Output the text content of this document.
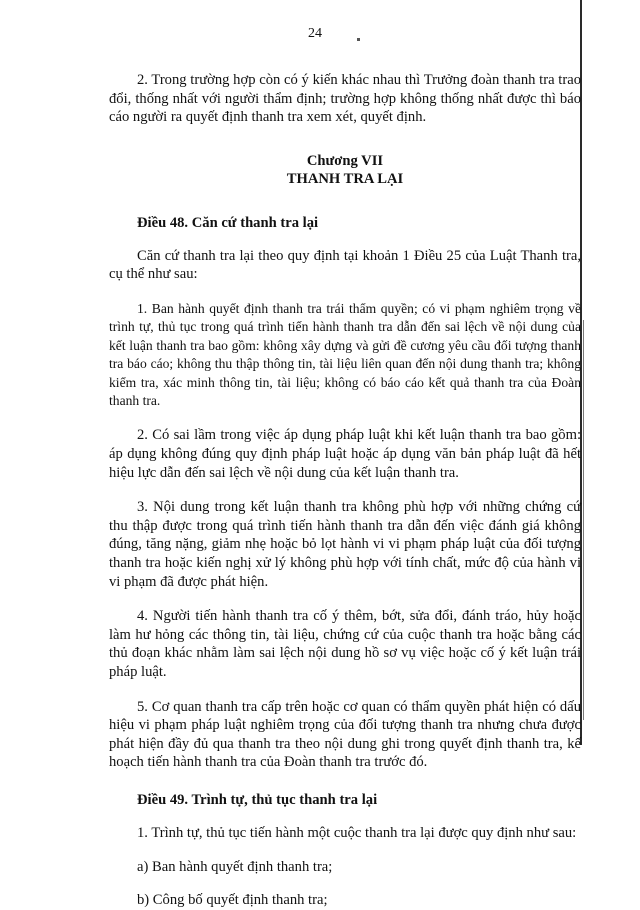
24

2. Trong trường hợp còn có ý kiến khác nhau thì Trưởng đoàn thanh tra trao đổi, thống nhất với người thẩm định; trường hợp không thống nhất được thì báo cáo người ra quyết định thanh tra xem xét, quyết định.

Chương VII
THANH TRA LẠI
Điều 48. Căn cứ thanh tra lại

Căn cứ thanh tra lại theo quy định tại khoản 1 Điều 25 của Luật Thanh tra, cụ thể như sau:

1. Ban hành quyết định thanh tra trái thẩm quyền; có vi phạm nghiêm trọng về trình tự, thủ tục trong quá trình tiến hành thanh tra dẫn đến sai lệch về nội dung của kết luận thanh tra bao gồm: không xây dựng và gửi đề cương yêu cầu đối tượng thanh tra báo cáo; không thu thập thông tin, tài liệu liên quan đến nội dung thanh tra; không kiểm tra, xác minh thông tin, tài liệu; không có báo cáo kết quả thanh tra của Đoàn thanh tra.

2. Có sai lầm trong việc áp dụng pháp luật khi kết luận thanh tra bao gồm: áp dụng không đúng quy định pháp luật hoặc áp dụng văn bản pháp luật đã hết hiệu lực dẫn đến sai lệch về nội dung của kết luận thanh tra.

3. Nội dung trong kết luận thanh tra không phù hợp với những chứng cứ thu thập được trong quá trình tiến hành thanh tra dẫn đến việc đánh giá không đúng, tăng nặng, giảm nhẹ hoặc bỏ lọt hành vi vi phạm pháp luật của đối tượng thanh tra hoặc kiến nghị xử lý không phù hợp với tính chất, mức độ của hành vi vi phạm đã được phát hiện.

4. Người tiến hành thanh tra cố ý thêm, bớt, sửa đổi, đánh tráo, hủy hoặc làm hư hỏng các thông tin, tài liệu, chứng cứ của cuộc thanh tra hoặc bằng các thủ đoạn khác nhằm làm sai lệch nội dung hồ sơ vụ việc hoặc cố ý kết luận trái pháp luật.

5. Cơ quan thanh tra cấp trên hoặc cơ quan có thẩm quyền phát hiện có dấu hiệu vi phạm pháp luật nghiêm trọng của đối tượng thanh tra nhưng chưa được phát hiện đầy đủ qua thanh tra theo nội dung ghi trong quyết định thanh tra, kế hoạch tiến hành thanh tra của Đoàn thanh tra trước đó.

Điều 49. Trình tự, thủ tục thanh tra lại

1. Trình tự, thủ tục tiến hành một cuộc thanh tra lại được quy định như sau:

a) Ban hành quyết định thanh tra;

b) Công bố quyết định thanh tra;
